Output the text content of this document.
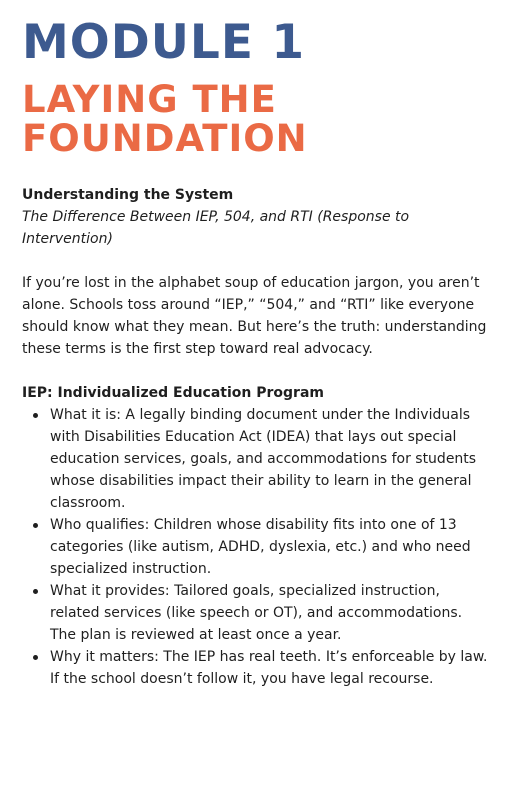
MODULE 1
LAYING THE
FOUNDATION

Understanding the System

The Difference Between IEP, 504, and RTI (Response to Intervention)

If you’re lost in the alphabet soup of education jargon, you aren’t alone. Schools toss around “IEP,” “504,” and “RTI” like everyone should know what they mean. But here’s the truth: understanding these terms is the first step toward real advocacy.

IEP: Individualized Education Program

What it is: A legally binding document under the Individuals with Disabilities Education Act (IDEA) that lays out special education services, goals, and accommodations for students whose disabilities impact their ability to learn in the general classroom.
Who qualifies: Children whose disability fits into one of 13 categories (like autism, ADHD, dyslexia, etc.) and who need specialized instruction.
What it provides: Tailored goals, specialized instruction, related services (like speech or OT), and accommodations. The plan is reviewed at least once a year.
Why it matters: The IEP has real teeth. It’s enforceable by law. If the school doesn’t follow it, you have legal recourse.
